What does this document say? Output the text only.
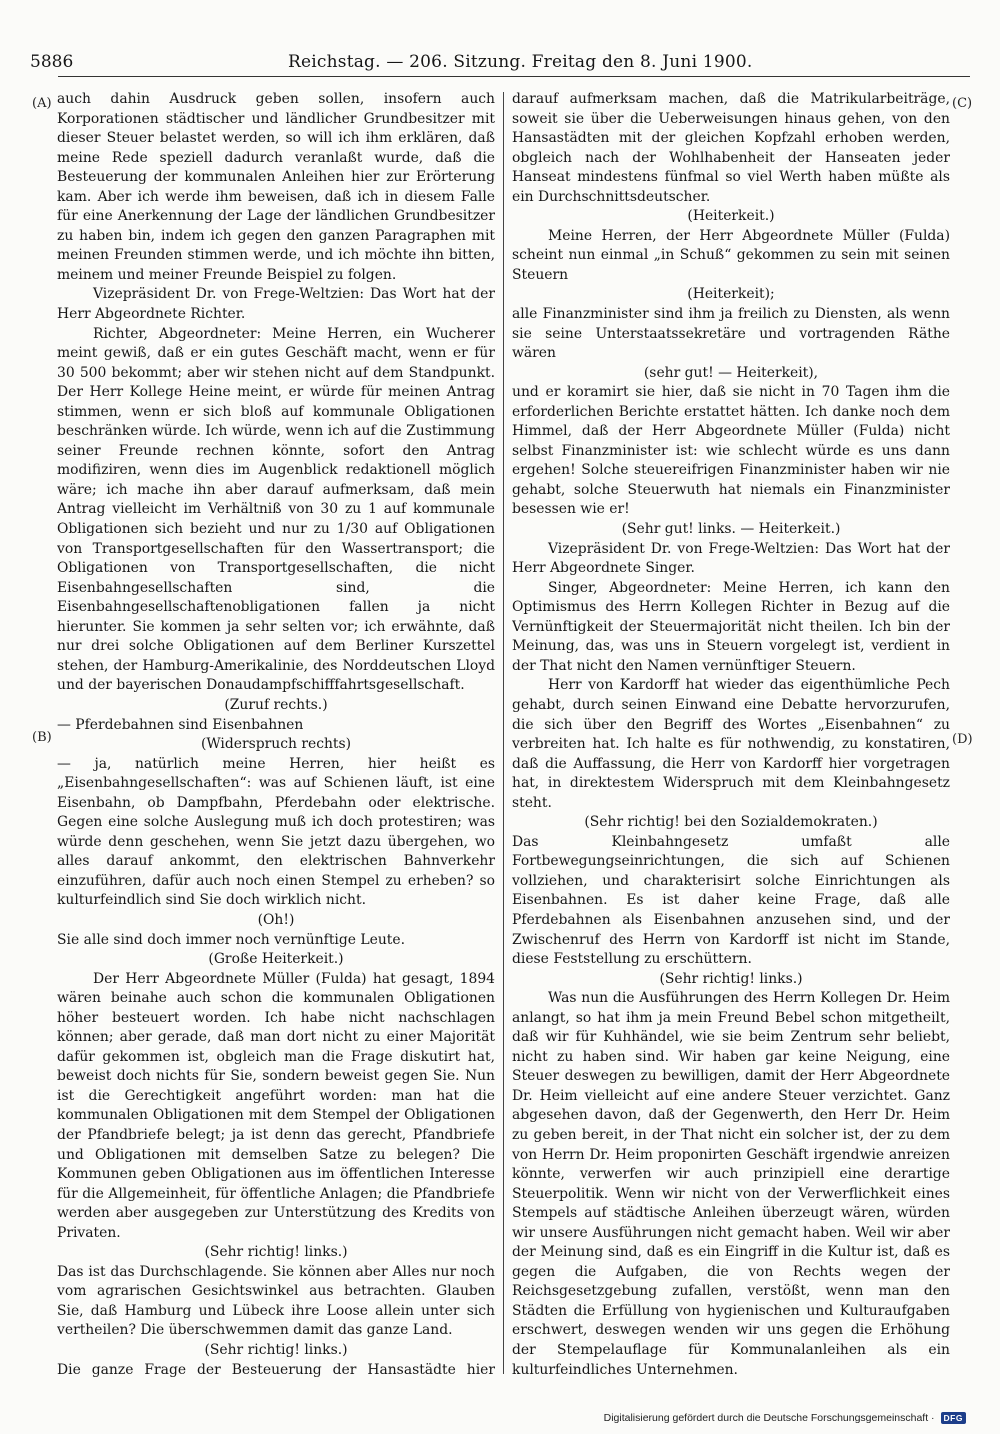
5886	Reichstag. — 206. Sitzung. Freitag den 8. Juni 1900.
(A)
(B)
(C)
(D)

auch dahin Ausdruck geben sollen, insofern auch Korporationen städtischer und ländlicher Grundbesitzer mit dieser Steuer belastet werden, so will ich ihm erklären, daß meine Rede speziell dadurch veranlaßt wurde, daß die Besteuerung der kommunalen Anleihen hier zur Erörterung kam. Aber ich werde ihm beweisen, daß ich in diesem Falle für eine Anerkennung der Lage der ländlichen Grundbesitzer zu haben bin, indem ich gegen den ganzen Paragraphen mit meinen Freunden stimmen werde, und ich möchte ihn bitten, meinem und meiner Freunde Beispiel zu folgen.

Vizepräsident Dr. von Frege-Weltzien: Das Wort hat der Herr Abgeordnete Richter.

Richter, Abgeordneter: Meine Herren, ein Wucherer meint gewiß, daß er ein gutes Geschäft macht, wenn er für 30 500 bekommt; aber wir stehen nicht auf dem Standpunkt. Der Herr Kollege Heine meint, er würde für meinen Antrag stimmen, wenn er sich bloß auf kommunale Obligationen beschränken würde. Ich würde, wenn ich auf die Zustimmung seiner Freunde rechnen könnte, sofort den Antrag modifiziren, wenn dies im Augenblick redaktionell möglich wäre; ich mache ihn aber darauf aufmerksam, daß mein Antrag vielleicht im Verhältniß von 30 zu 1 auf kommunale Obligationen sich bezieht und nur zu 1/30 auf Obligationen von Transportgesellschaften für den Wassertransport; die Obligationen von Transportgesellschaften, die nicht Eisenbahngesellschaften sind, die Eisenbahngesellschaftenobligationen fallen ja nicht hierunter. Sie kommen ja sehr selten vor; ich erwähnte, daß nur drei solche Obligationen auf dem Berliner Kurszettel stehen, der Hamburg-Amerikalinie, des Norddeutschen Lloyd und der bayerischen Donaudampfschifffahrtsgesellschaft.

(Zuruf rechts.)

— Pferdebahnen sind Eisenbahnen

(Widerspruch rechts)

— ja, natürlich meine Herren, hier heißt es „Eisenbahngesellschaften“: was auf Schienen läuft, ist eine Eisenbahn, ob Dampfbahn, Pferdebahn oder elektrische. Gegen eine solche Auslegung muß ich doch protestiren; was würde denn geschehen, wenn Sie jetzt dazu übergehen, wo alles darauf ankommt, den elektrischen Bahnverkehr einzuführen, dafür auch noch einen Stempel zu erheben? so kulturfeindlich sind Sie doch wirklich nicht.

(Oh!)

Sie alle sind doch immer noch vernünftige Leute.

(Große Heiterkeit.)

Der Herr Abgeordnete Müller (Fulda) hat gesagt, 1894 wären beinahe auch schon die kommunalen Obligationen höher besteuert worden. Ich habe nicht nachschlagen können; aber gerade, daß man dort nicht zu einer Majorität dafür gekommen ist, obgleich man die Frage diskutirt hat, beweist doch nichts für Sie, sondern beweist gegen Sie. Nun ist die Gerechtigkeit angeführt worden: man hat die kommunalen Obligationen mit dem Stempel der Obligationen der Pfandbriefe belegt; ja ist denn das gerecht, Pfandbriefe und Obligationen mit demselben Satze zu belegen? Die Kommunen geben Obligationen aus im öffentlichen Interesse für die Allgemeinheit, für öffentliche Anlagen; die Pfandbriefe werden aber ausgegeben zur Unterstützung des Kredits von Privaten.

(Sehr richtig! links.)

Das ist das Durchschlagende. Sie können aber Alles nur noch vom agrarischen Gesichtswinkel aus betrachten. Glauben Sie, daß Hamburg und Lübeck ihre Loose allein unter sich vertheilen? Die überschwemmen damit das ganze Land.

(Sehr richtig! links.)

Die ganze Frage der Besteuerung der Hansastädte hier

darauf aufmerksam machen, daß die Matrikularbeiträge, soweit sie über die Ueberweisungen hinaus gehen, von den Hansastädten mit der gleichen Kopfzahl erhoben werden, obgleich nach der Wohlhabenheit der Hanseaten jeder Hanseat mindestens fünfmal so viel Werth haben müßte als ein Durchschnittsdeutscher.

(Heiterkeit.)

Meine Herren, der Herr Abgeordnete Müller (Fulda) scheint nun einmal „in Schuß“ gekommen zu sein mit seinen Steuern

(Heiterkeit);

alle Finanzminister sind ihm ja freilich zu Diensten, als wenn sie seine Unterstaatssekretäre und vortragenden Räthe wären

(sehr gut! — Heiterkeit),

und er koramirt sie hier, daß sie nicht in 70 Tagen ihm die erforderlichen Berichte erstattet hätten. Ich danke noch dem Himmel, daß der Herr Abgeordnete Müller (Fulda) nicht selbst Finanzminister ist: wie schlecht würde es uns dann ergehen! Solche steuereifrigen Finanzminister haben wir nie gehabt, solche Steuerwuth hat niemals ein Finanzminister besessen wie er!

(Sehr gut! links. — Heiterkeit.)

Vizepräsident Dr. von Frege-Weltzien: Das Wort hat der Herr Abgeordnete Singer.

Singer, Abgeordneter: Meine Herren, ich kann den Optimismus des Herrn Kollegen Richter in Bezug auf die Vernünftigkeit der Steuermajorität nicht theilen. Ich bin der Meinung, das, was uns in Steuern vorgelegt ist, verdient in der That nicht den Namen vernünftiger Steuern.

Herr von Kardorff hat wieder das eigenthümliche Pech gehabt, durch seinen Einwand eine Debatte hervorzurufen, die sich über den Begriff des Wortes „Eisenbahnen“ zu verbreiten hat. Ich halte es für nothwendig, zu konstatiren, daß die Auffassung, die Herr von Kardorff hier vorgetragen hat, in direktestem Widerspruch mit dem Kleinbahngesetz steht.

(Sehr richtig! bei den Sozialdemokraten.)

Das Kleinbahngesetz umfaßt alle Fortbewegungseinrichtungen, die sich auf Schienen vollziehen, und charakterisirt solche Einrichtungen als Eisenbahnen. Es ist daher keine Frage, daß alle Pferdebahnen als Eisenbahnen anzusehen sind, und der Zwischenruf des Herrn von Kardorff ist nicht im Stande, diese Feststellung zu erschüttern.

(Sehr richtig! links.)

Was nun die Ausführungen des Herrn Kollegen Dr. Heim anlangt, so hat ihm ja mein Freund Bebel schon mitgetheilt, daß wir für Kuhhändel, wie sie beim Zentrum sehr beliebt, nicht zu haben sind. Wir haben gar keine Neigung, eine Steuer deswegen zu bewilligen, damit der Herr Abgeordnete Dr. Heim vielleicht auf eine andere Steuer verzichtet. Ganz abgesehen davon, daß der Gegenwerth, den Herr Dr. Heim zu geben bereit, in der That nicht ein solcher ist, der zu dem von Herrn Dr. Heim proponirten Geschäft irgendwie anreizen könnte, verwerfen wir auch prinzipiell eine derartige Steuerpolitik. Wenn wir nicht von der Verwerflichkeit eines Stempels auf städtische Anleihen überzeugt wären, würden wir unsere Ausführungen nicht gemacht haben. Weil wir aber der Meinung sind, daß es ein Eingriff in die Kultur ist, daß es gegen die Aufgaben, die von Rechts wegen der Reichsgesetzgebung zufallen, verstößt, wenn man den Städten die Erfüllung von hygienischen und Kulturaufgaben erschwert, deswegen wenden wir uns gegen die Erhöhung der Stempelauflage für Kommunalanleihen als ein kulturfeindliches Unternehmen.

Digitalisierung gefördert durch die Deutsche Forschungsgemeinschaft ·	DFG
